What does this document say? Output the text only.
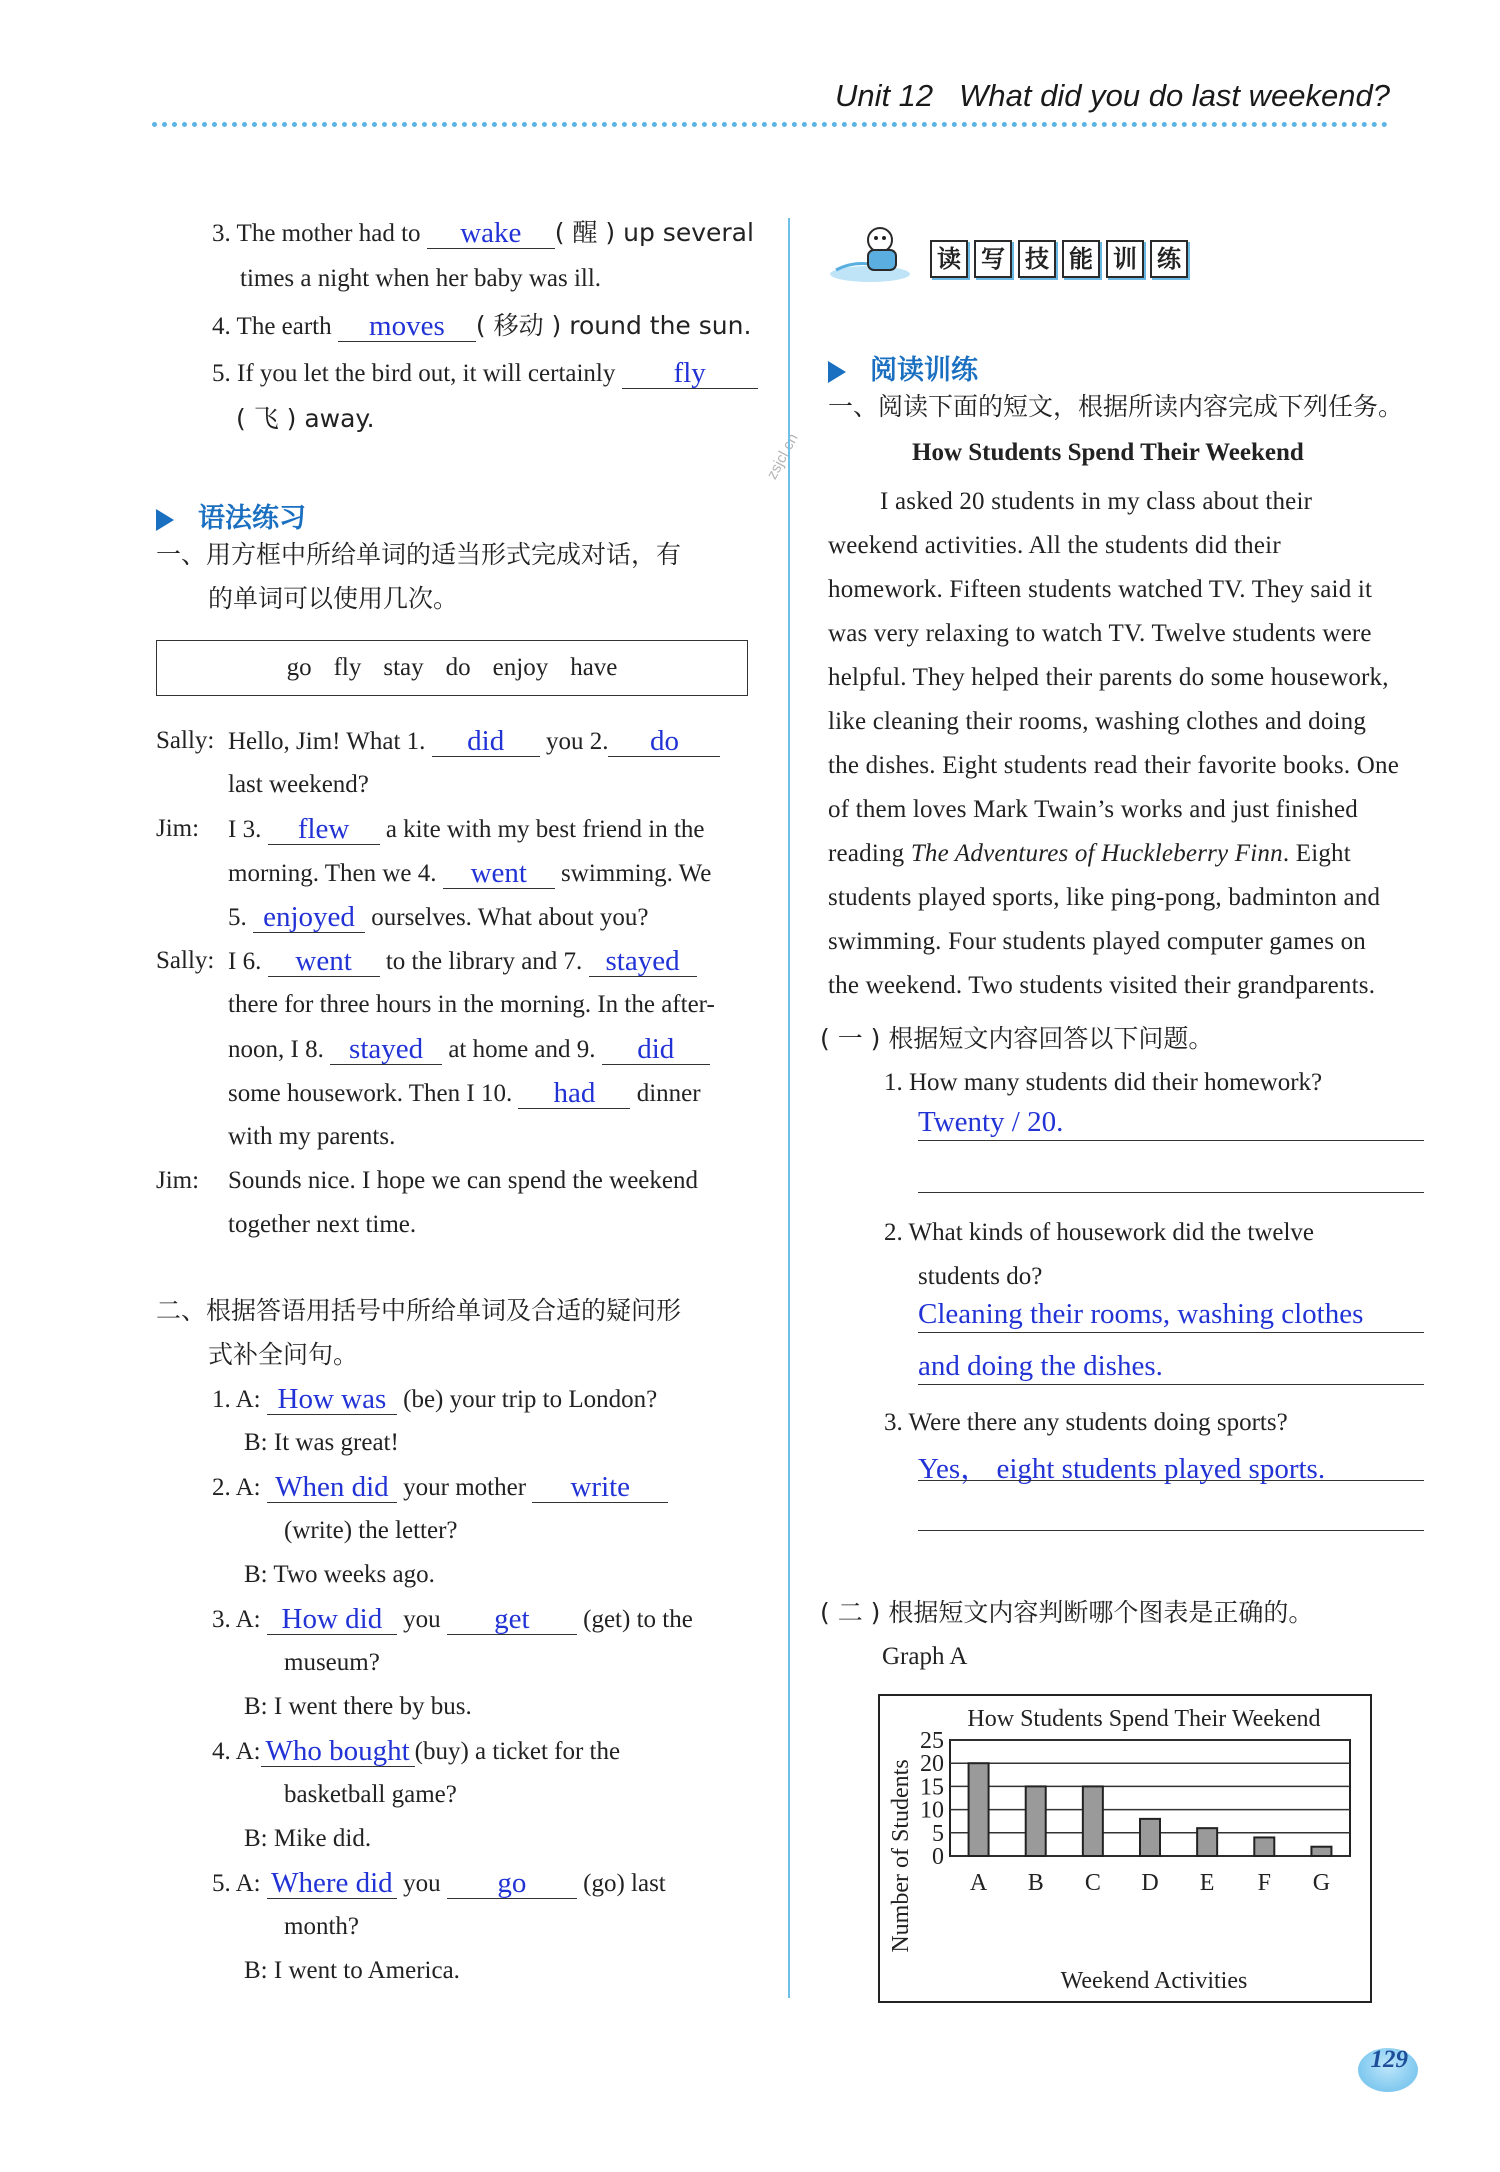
Unit 12 What did you do last weekend?
zsjcl.cn
3. The mother had to wake ( 醒 ) up several
times a night when her baby was ill.
4. The earth moves ( 移动 ) round the sun.
5. If you let the bird out, it will certainly fly
( 飞 ) away.
语法练习
一、用方框中所给单词的适当形式完成对话，有
的单词可以使用几次。
go fly stay do enjoy have
Sally: Hello, Jim! What 1. did you 2. do
last weekend?
Jim: I 3. flew a kite with my best friend in the
morning. Then we 4. went swimming. We
5. enjoyed ourselves. What about you?
Sally: I 6. went to the library and 7. stayed
there for three hours in the morning. In the after-
noon, I 8. stayed at home and 9. did
some housework. Then I 10. had dinner
with my parents.
Jim: Sounds nice. I hope we can spend the weekend
together next time.
二、根据答语用括号中所给单词及合适的疑问形
式补全问句。
1. A: How was (be) your trip to London?
B: It was great!
2. A: When did your mother write
(write) the letter?
B: Two weeks ago.
3. A: How did you get (get) to the
museum?
B: I went there by bus.
4. A: Who bought (buy) a ticket for the
basketball game?
B: Mike did.
5. A: Where did you go (go) last
month?
B: I went to America.
读 写 技 能 训 练
阅读训练
一、阅读下面的短文，根据所读内容完成下列任务。
How Students Spend Their Weekend
I asked 20 students in my class about their
weekend activities. All the students did their
homework. Fifteen students watched TV. They said it
was very relaxing to watch TV. Twelve students were
helpful. They helped their parents do some housework,
like cleaning their rooms, washing clothes and doing
the dishes. Eight students read their favorite books. One
of them loves Mark Twain’s works and just finished
reading The Adventures of Huckleberry Finn. Eight
students played sports, like ping-pong, badminton and
swimming. Four students played computer games on
the weekend. Two students visited their grandparents.
( 一 ) 根据短文内容回答以下问题。
1. How many students did their homework?
Twenty / 20.
2. What kinds of housework did the twelve
students do?
Cleaning their rooms, washing clothes
and doing the dishes.
3. Were there any students doing sports?
Yes， eight students played sports.
( 二 ) 根据短文内容判断哪个图表是正确的。
Graph A
How Students Spend Their Weekend
Number of Students
Weekend Activities
0
5
10
15
20
25
A B C D E F G
129
